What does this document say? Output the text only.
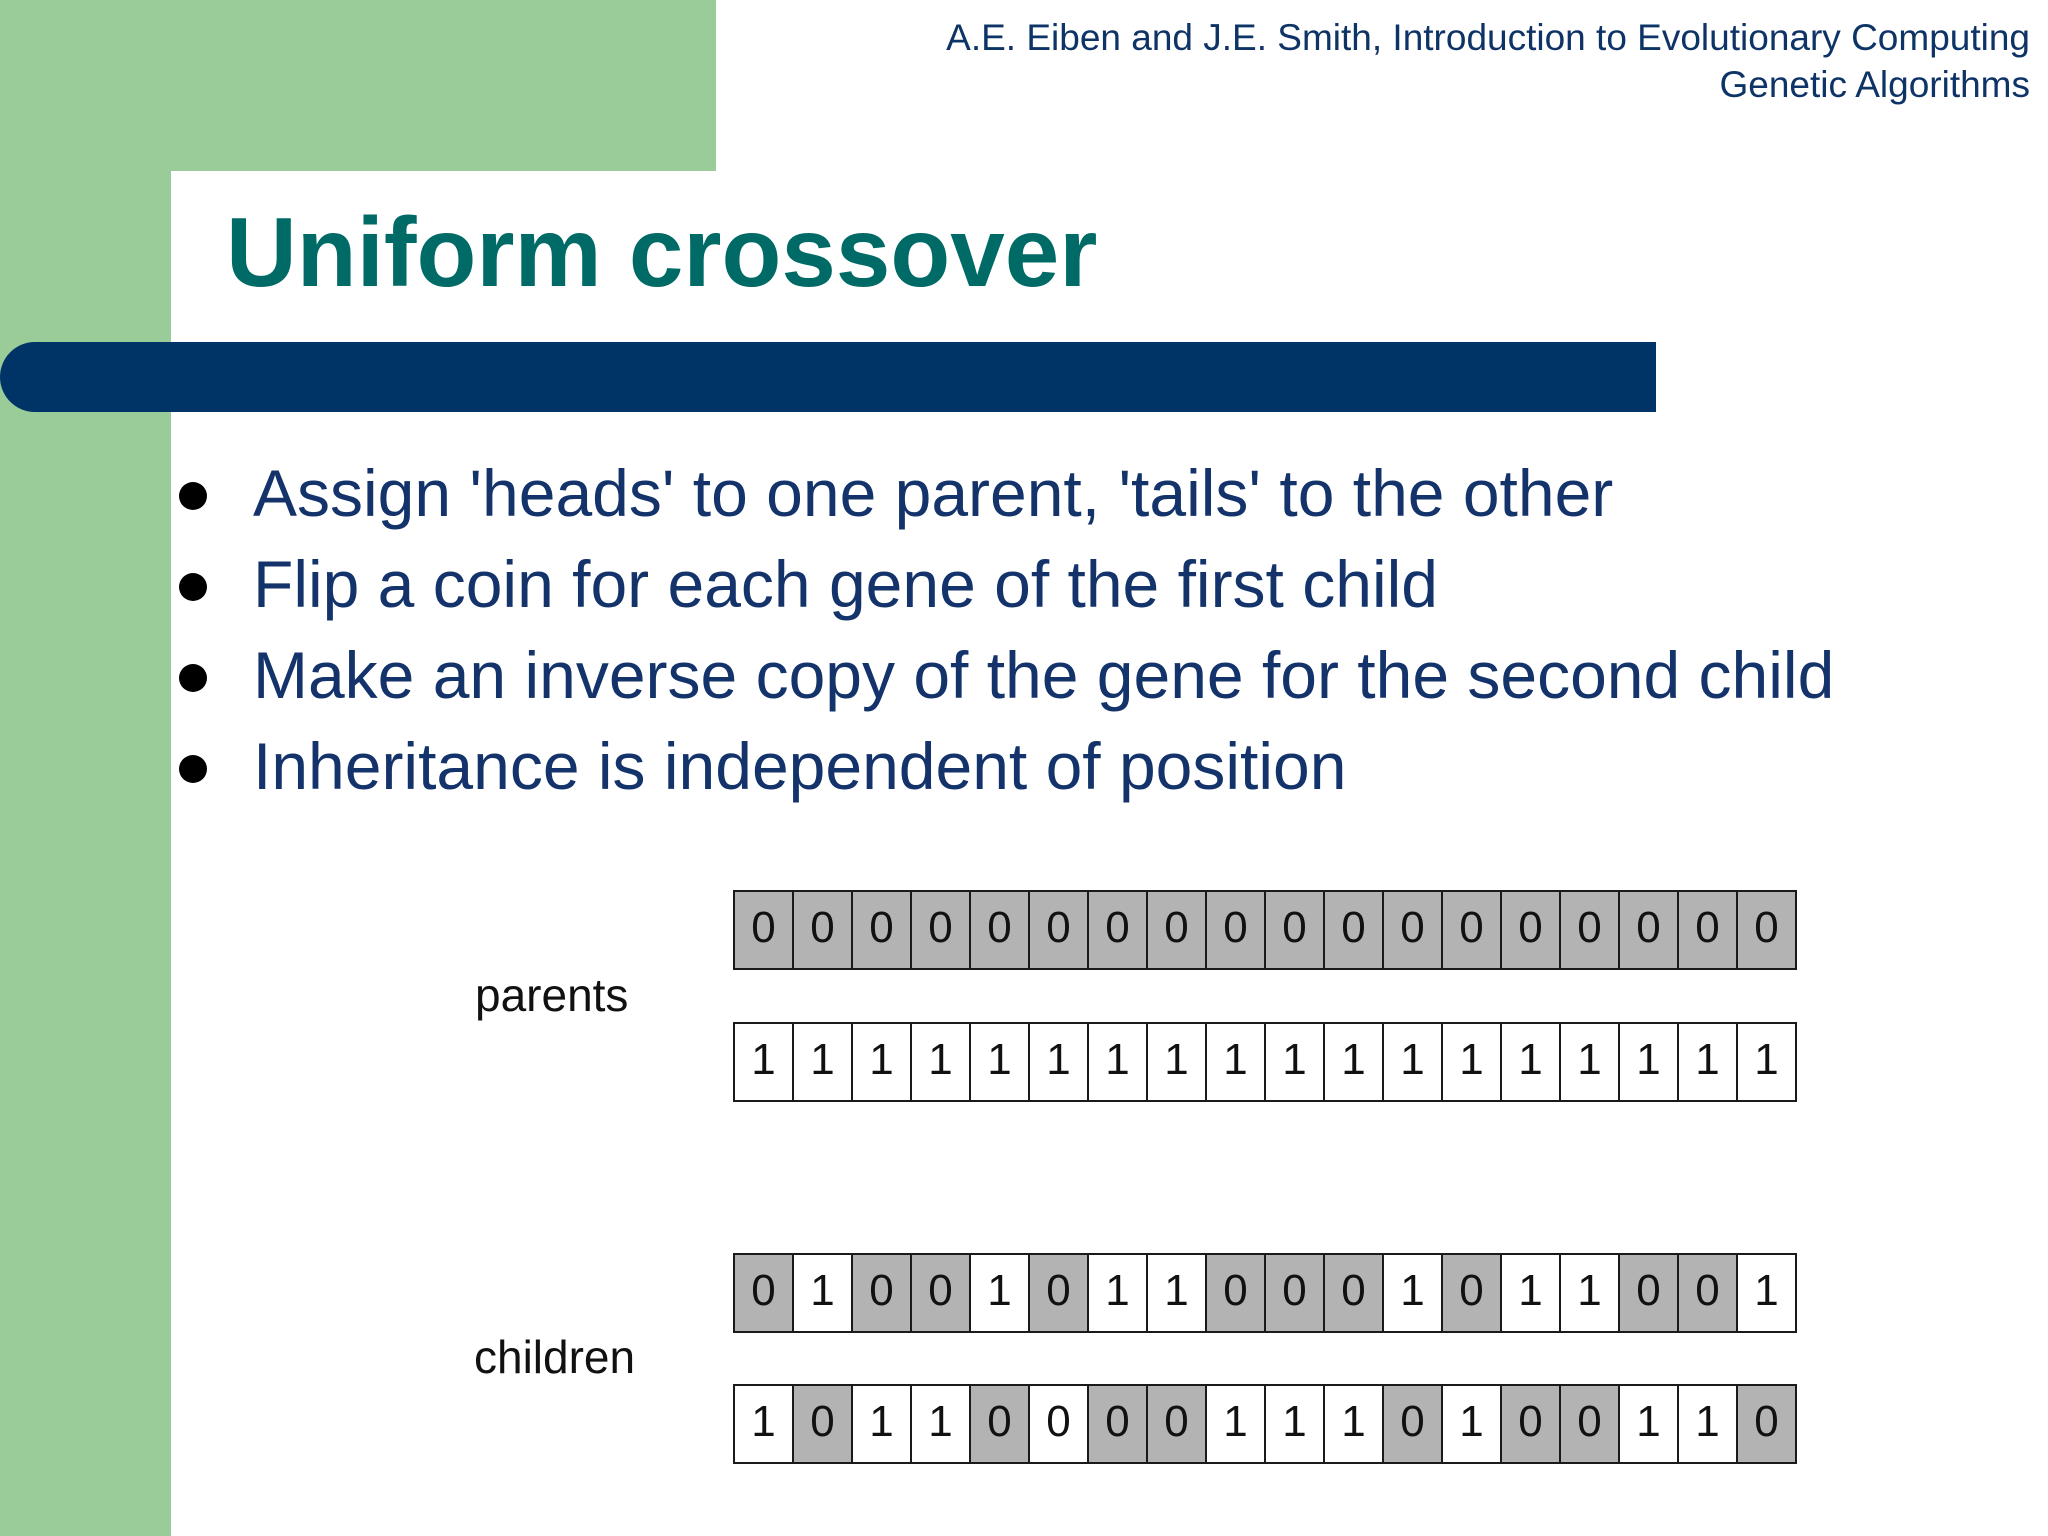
A.E. Eiben and J.E. Smith, Introduction to Evolutionary Computing
Genetic Algorithms
Uniform crossover
Assign 'heads' to one parent, 'tails' to the other
Flip a coin for each gene of the first child
Make an inverse copy of the gene for the second child
Inheritance is independent of position
parents
children
0 0 0 0 0 0 0 0 0 0 0 0 0 0 0 0 0 0
1 1 1 1 1 1 1 1 1 1 1 1 1 1 1 1 1 1
0 1 0 0 1 0 1 1 0 0 0 1 0 1 1 0 0 1
1 0 1 1 0 0 0 0 1 1 1 0 1 0 0 1 1 0
